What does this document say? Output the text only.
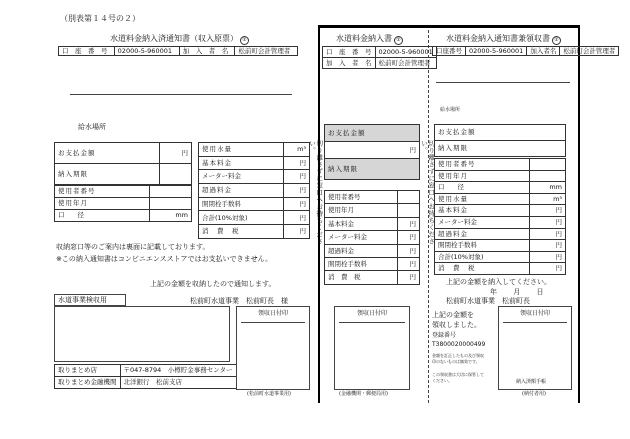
（別表第１４号の２）
水道料金納入済通知書（収入原票） ②
口　座　番　号	02000-5-960001	加　入　者　名	松前町会計管理者
給水場所
お支払金額	円
納入期限	
使用者番号	
使用年月	
口　　径	mm
使用水量	m³
基本料金	円
メーター料金	円
超過料金	円
開閉栓手数料	円
合計(10%対象)	円
消　費　税	円
収納窓口等のご案内は裏面に記載しております。
※この納入通知書はコンビニエンスストアではお支払いできません。
上記の金額を収納したので通知します。
松前町水道事業　松前町長　様
水道事業検収用
取りまとめ店	〒047-8794　小樽貯金事務センター
取りまとめ金融機関	北洋銀行　松前支店
領収日付印
(松前町水道事業用)
水道料金納入書 ②
口　座　番　号	02000-5-960001
加　入　者　名	松前町会計管理者
お支払金額
円
納入期限
切り離さずに窓口へお持ちください。
使用者番号	
使用年月	
基本料金	円
メーター料金	円
超過料金	円
開閉栓手数料	円
消　費　税	円
領収日付印
(金融機関・郵便局用)
水道料金納入通知書兼領収書 ②
口座番号	02000-5-960001	加入者名	松前町会計管理者
給水場所
切り離さずに窓口へお持ちください。
お支払金額
納入期限
使用者番号	
使用年月	
口　　径	mm
使用水量	m³
基本料金	円
メーター料金	円
超過料金	円
開閉栓手数料	円
合計(10%対象)	円
消　費　税	円
上記の金額を納入してください。
年　　 月　　 日
松前町水道事業　松前町長
上記の金額を
領収しました。
登録番号
T3800020000499
金額を訂正したもの及び領収
印のないものは無効です。
この領収書は大切に保管して
ください。
領収日付印
納入済額手帳
(納付者用)
